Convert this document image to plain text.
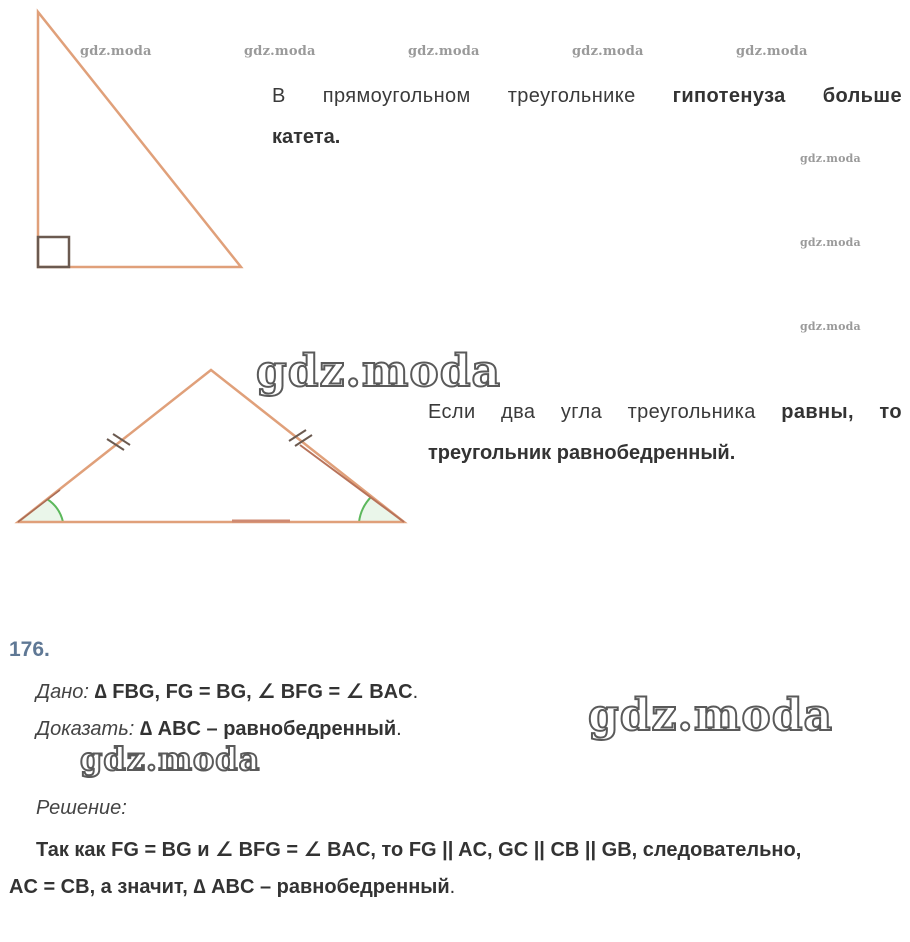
gdz.moda	gdz.moda	gdz.moda	gdz.moda	gdz.moda
gdz.moda
gdz.moda
gdz.moda
gdz.moda
gdz.moda
gdz.moda
В прямоугольном треугольнике гипотенуза больше
катета.
Если два угла треугольника равны, то
треугольник равнобедренный.
176.
Дано: ∆ FBG, FG = BG, ∠ BFG = ∠ BAC.
Доказать: ∆ ABC – равнобедренный.
Решение:
Так как FG = BG и ∠ BFG = ∠ BAC, то FG || AC, GC || CB || GB, следовательно,
AC = CB, а значит, ∆ ABC – равнобедренный.
